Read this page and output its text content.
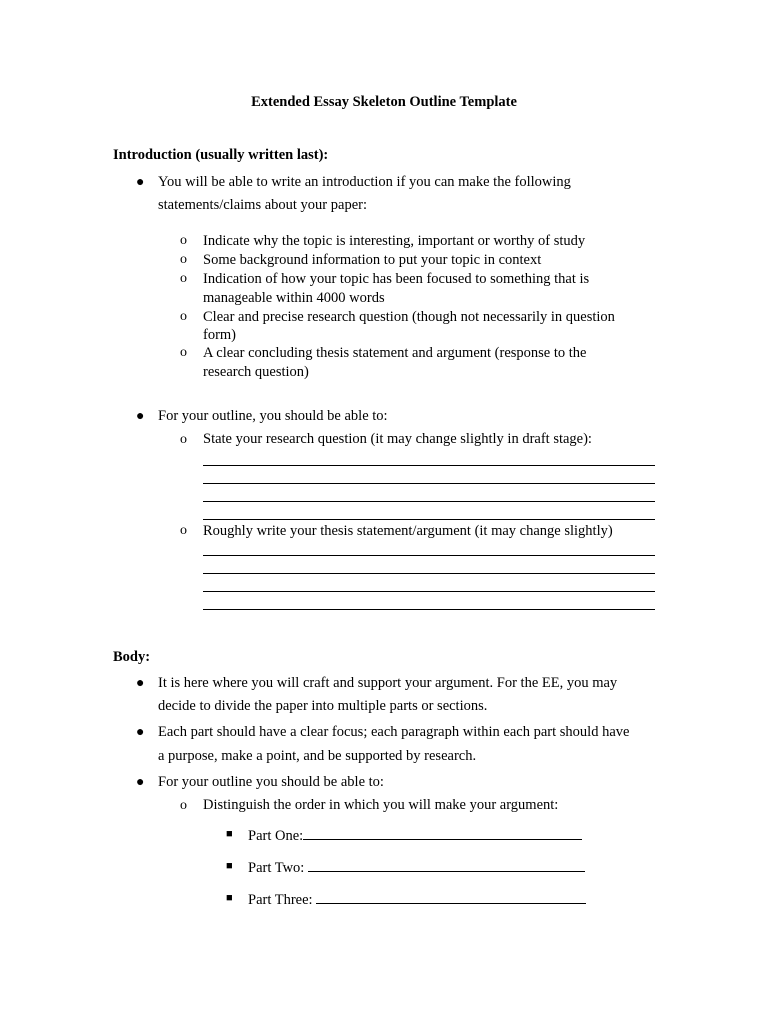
Extended Essay Skeleton Outline Template
Introduction (usually written last):
● You will be able to write an introduction if you can make the following
statements/claims about your paper:
o Indicate why the topic is interesting, important or worthy of study
o Some background information to put your topic in context
o Indication of how your topic has been focused to something that is
manageable within 4000 words
o Clear and precise research question (though not necessarily in question
form)
o A clear concluding thesis statement and argument (response to the
research question)
● For your outline, you should be able to:
o State your research question (it may change slightly in draft stage):
o Roughly write your thesis statement/argument (it may change slightly)
Body:
● It is here where you will craft and support your argument. For the EE, you may
decide to divide the paper into multiple parts or sections.
● Each part should have a clear focus; each paragraph within each part should have
a purpose, make a point, and be supported by research.
● For your outline you should be able to:
o Distinguish the order in which you will make your argument:
■ Part One:
■ Part Two:
■ Part Three:
